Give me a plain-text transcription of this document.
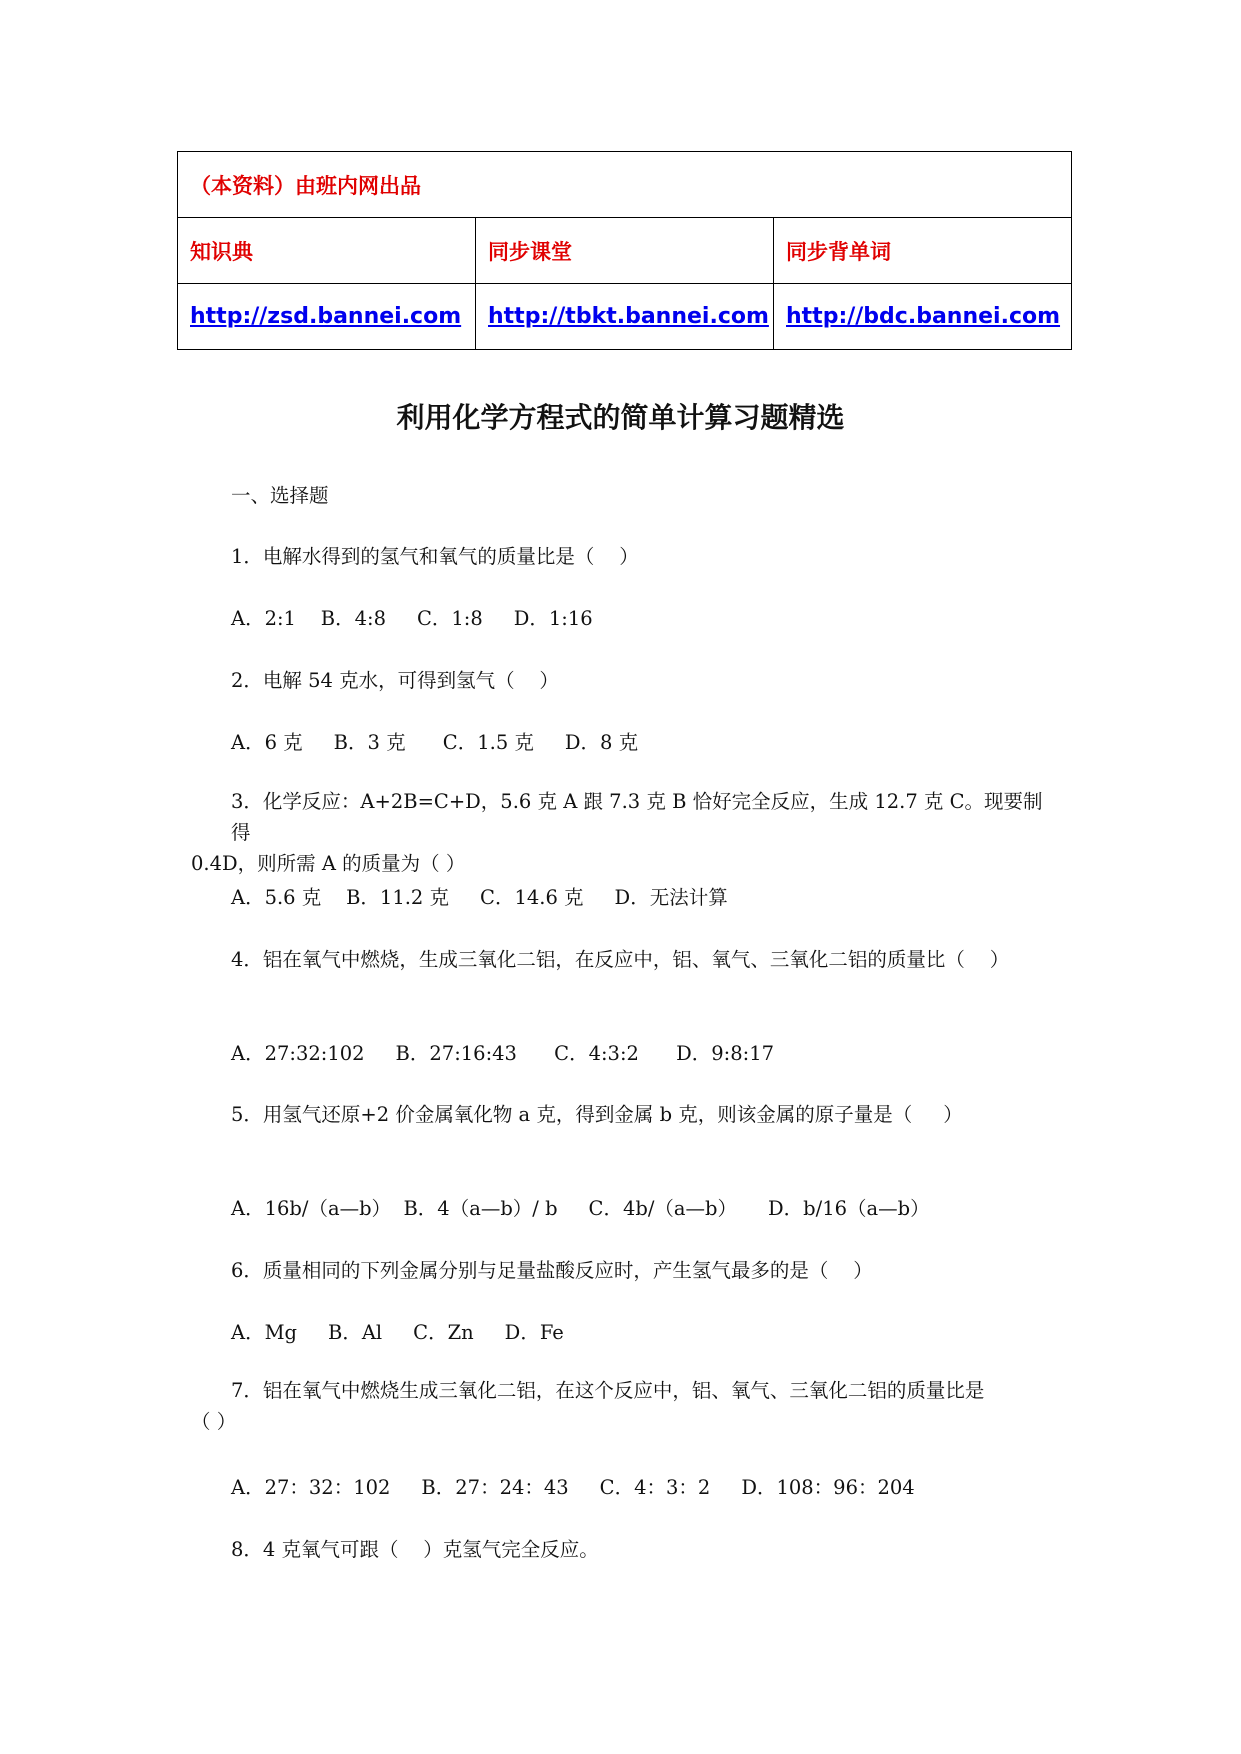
（本资料）由班内网出品		
知识典	同步课堂	同步背单词
http://zsd.bannei.com	http://tbkt.bannei.com	http://bdc.bannei.com
利用化学方程式的简单计算习题精选

一、选择题

1．电解水得到的氢气和氧气的质量比是（    ）

A．2:1    B．4:8     C．1:8     D．1:16

2．电解 54 克水，可得到氢气（    ）

A．6 克     B．3 克      C．1.5 克     D．8 克

3．化学反应：A+2B=C+D，5.6 克 A 跟 7.3 克 B 恰好完全反应，生成 12.7 克 C。现要制得
0.4D，则所需 A 的质量为（ ）

A．5.6 克    B．11.2 克     C．14.6 克     D．无法计算

4．铝在氧气中燃烧，生成三氧化二铝，在反应中，铝、氧气、三氧化二铝的质量比（    ）

A．27:32:102     B．27:16:43      C．4:3:2      D．9:8:17

5．用氢气还原+2 价金属氧化物 a 克，得到金属 b 克，则该金属的原子量是（     ）

A．16b/（a—b）  B．4（a—b）/ b     C．4b/（a—b）     D．b/16（a—b）

6．质量相同的下列金属分别与足量盐酸反应时，产生氢气最多的是（    ）

A．Mg     B．Al     C．Zn     D．Fe

7．铝在氧气中燃烧生成三氧化二铝，在这个反应中，铝、氧气、三氧化二铝的质量比是
（ ）

A．27：32：102     B．27：24：43     C．4：3：2     D．108：96：204

8．4 克氧气可跟（    ）克氢气完全反应。
